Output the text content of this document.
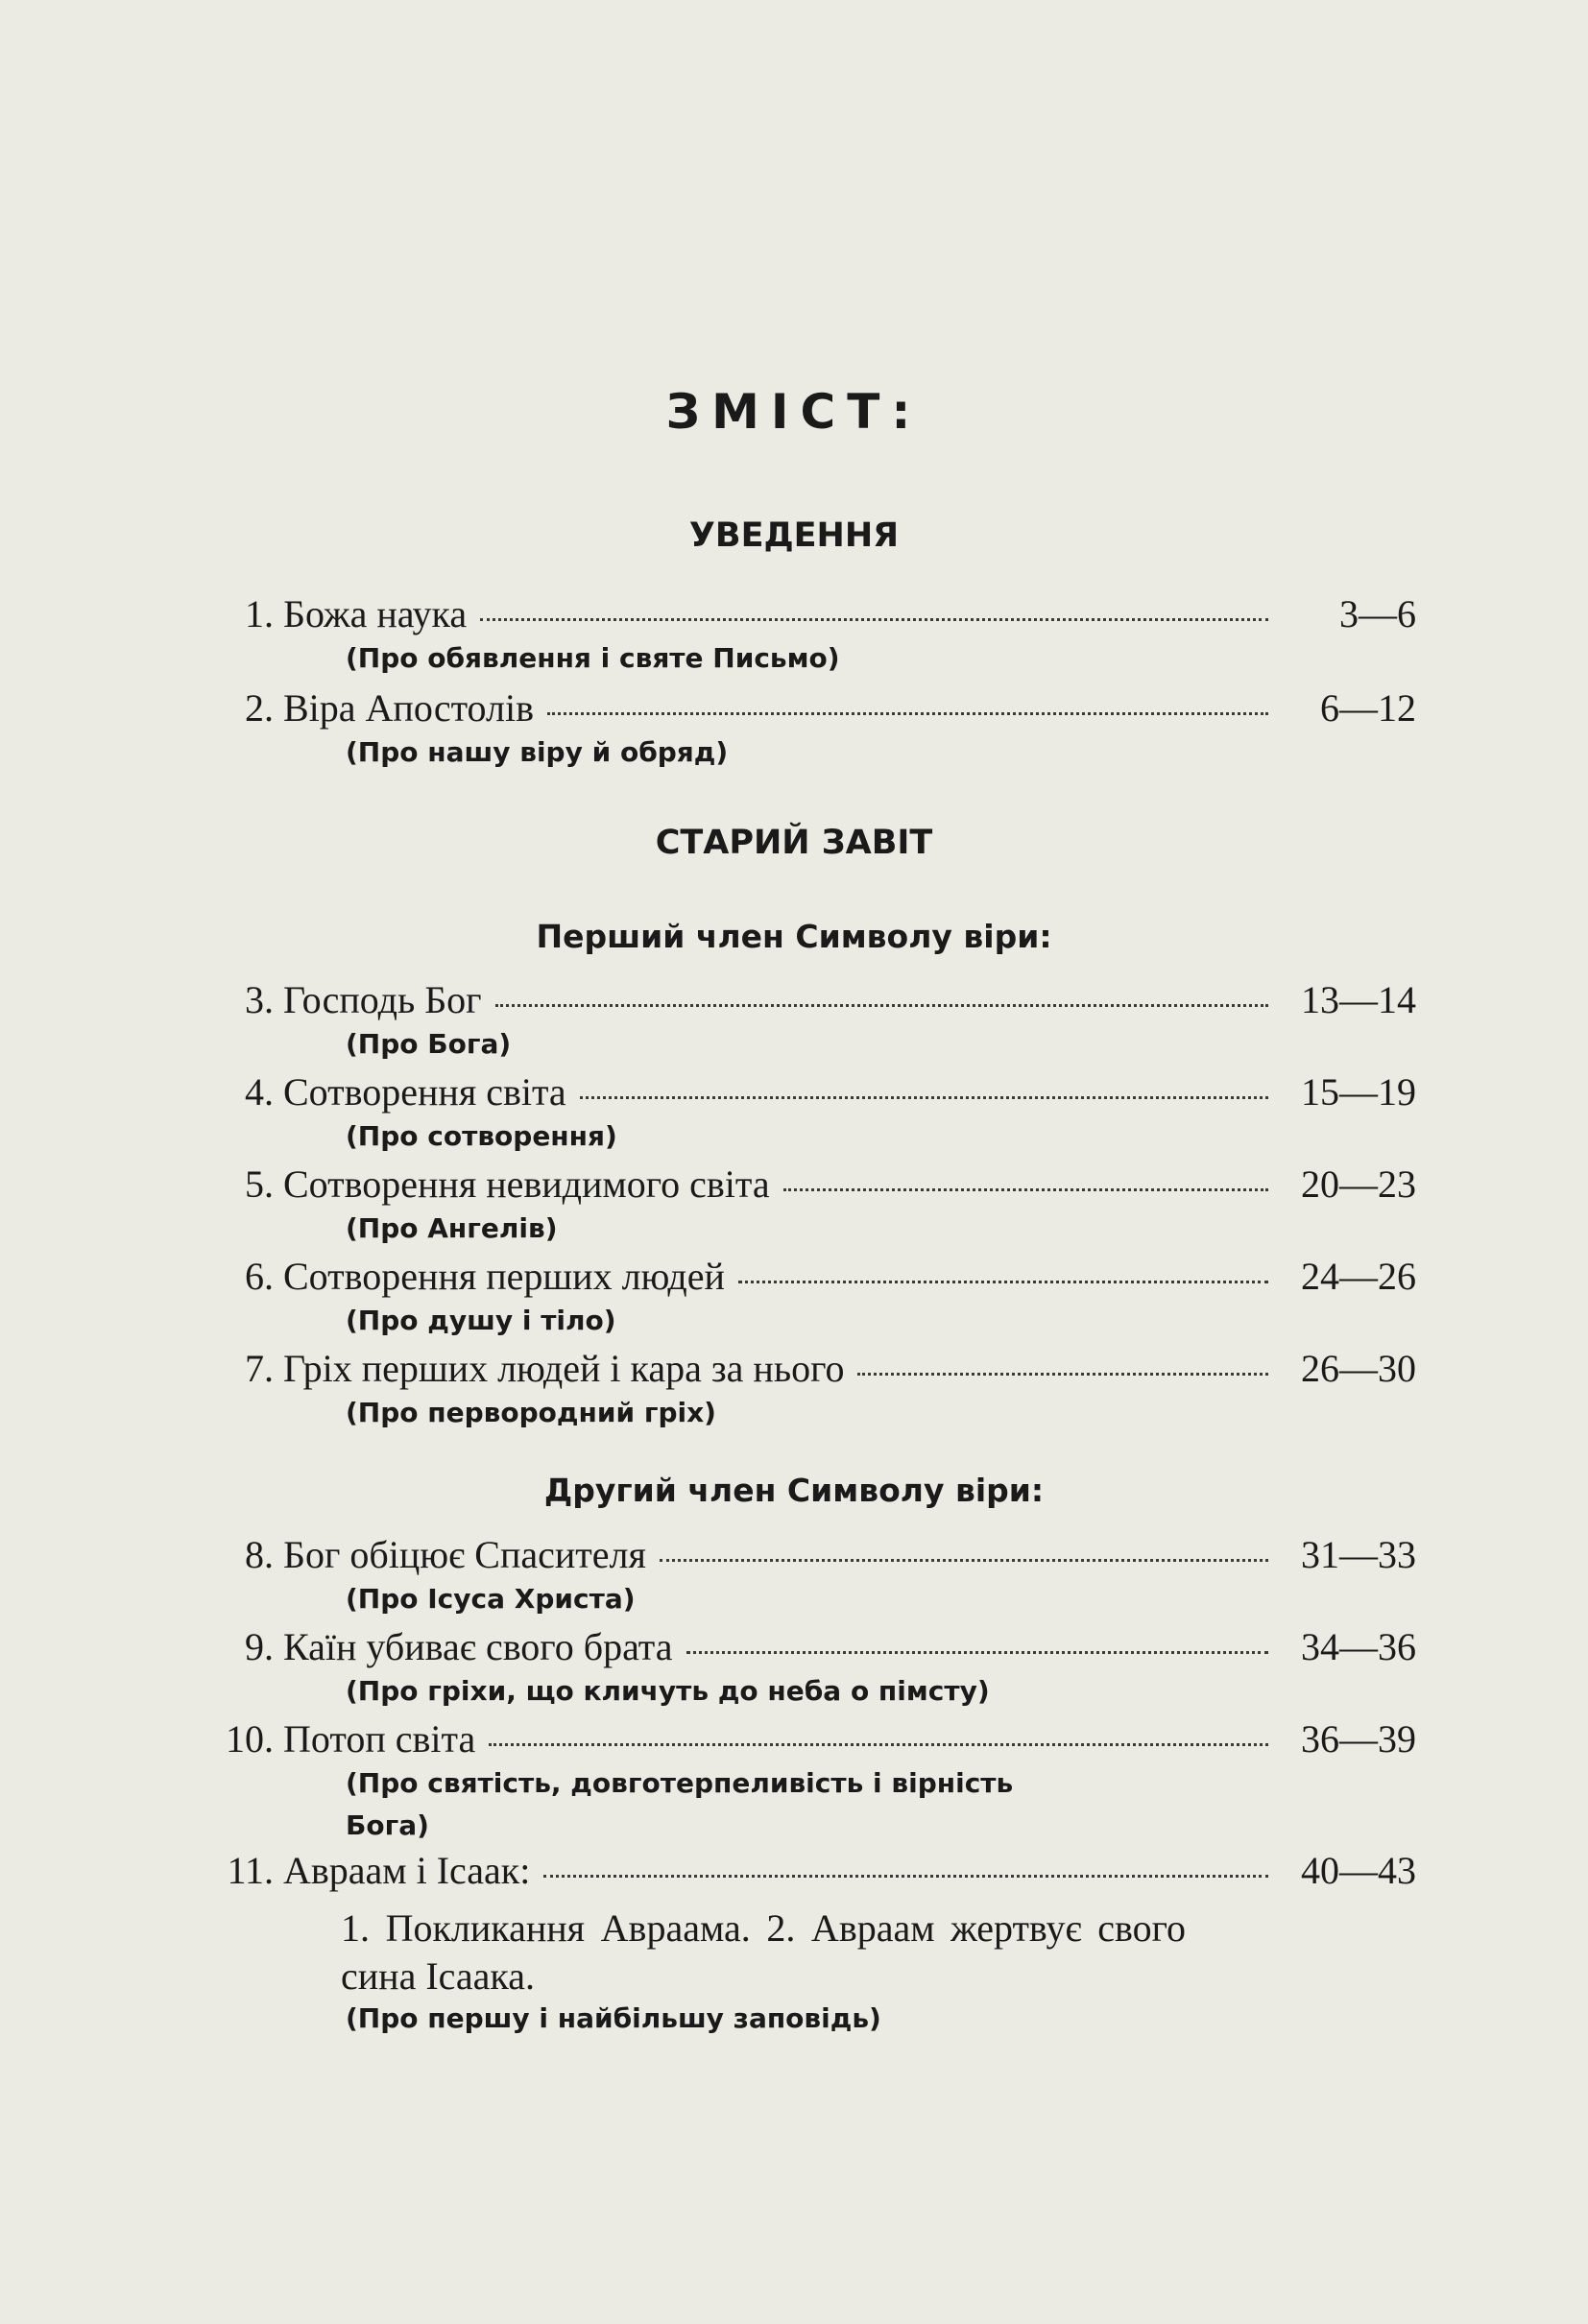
ЗМІСТ:
УВЕДЕННЯ
1. Божа наука	3—6
(Про обявлення і святе Письмо)
2. Віра Апостолів	6—12
(Про нашу віру й обряд)
СТАРИЙ ЗАВІТ
Перший член Символу віри:
3. Господь Бог	13—14
(Про Бога)
4. Сотворення світа	15—19
(Про сотворення)
5. Сотворення невидимого світа	20—23
(Про Ангелів)
6. Сотворення перших людей	24—26
(Про душу і тіло)
7. Гріх перших людей і кара за нього	26—30
(Про первородний гріх)
Другий член Символу віри:
8. Бог обіцює Спасителя	31—33
(Про Ісуса Христа)
9. Каїн убиває свого брата	34—36
(Про гріхи, що кличуть до неба о пімсту)
10. Потоп світа	36—39
(Про святість, довготерпеливість і вірність
Бога)
11. Авраам і Ісаак:	40—43
1. Покликання Авраама. 2. Авраам жертвує свого сина Ісаака.
(Про першу і найбільшу заповідь)
